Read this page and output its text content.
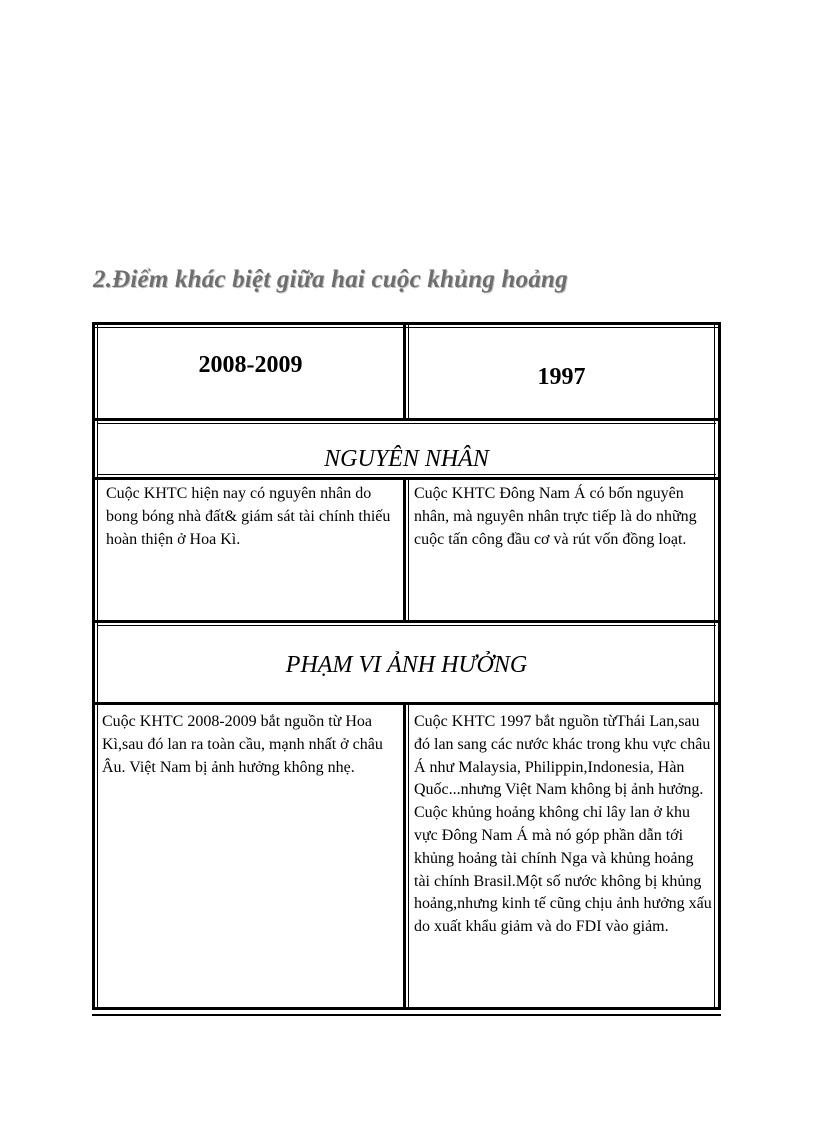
2.Điểm khác biệt giữa hai cuộc khủng hoảng
2008-2009	1997
NGUYÊN NHÂN
PHẠM VI ẢNH HƯỞNG

Cuộc KHTC hiện nay có nguyên nhân do bong bóng nhà đất& giám sát tài chính thiếu hoàn thiện ở Hoa Kì.

Cuộc KHTC Đông Nam Á có bốn nguyên nhân, mà nguyên nhân trực tiếp là do những cuộc tấn công đầu cơ và rút vốn đồng loạt.

Cuộc KHTC 2008-2009 bắt nguồn từ Hoa Kì,sau đó lan ra toàn cầu, mạnh nhất ở châu Âu. Việt Nam bị ảnh hưởng không nhẹ.

Cuộc KHTC 1997 bắt nguồn từThái Lan,sau đó lan sang các nước khác trong khu vực châu Á như Malaysia, Philippin,Indonesia, Hàn Quốc...nhưng Việt Nam không bị ảnh hưởng. Cuộc khủng hoảng không chỉ lây lan ở khu vực Đông Nam Á mà nó góp phần dẫn tới khủng hoảng tài chính Nga và khủng hoảng tài chính Brasil.Một số nước không bị khủng hoảng,nhưng kinh tế cũng chịu ảnh hưởng xấu do xuất khẩu giảm và do FDI vào giảm.
